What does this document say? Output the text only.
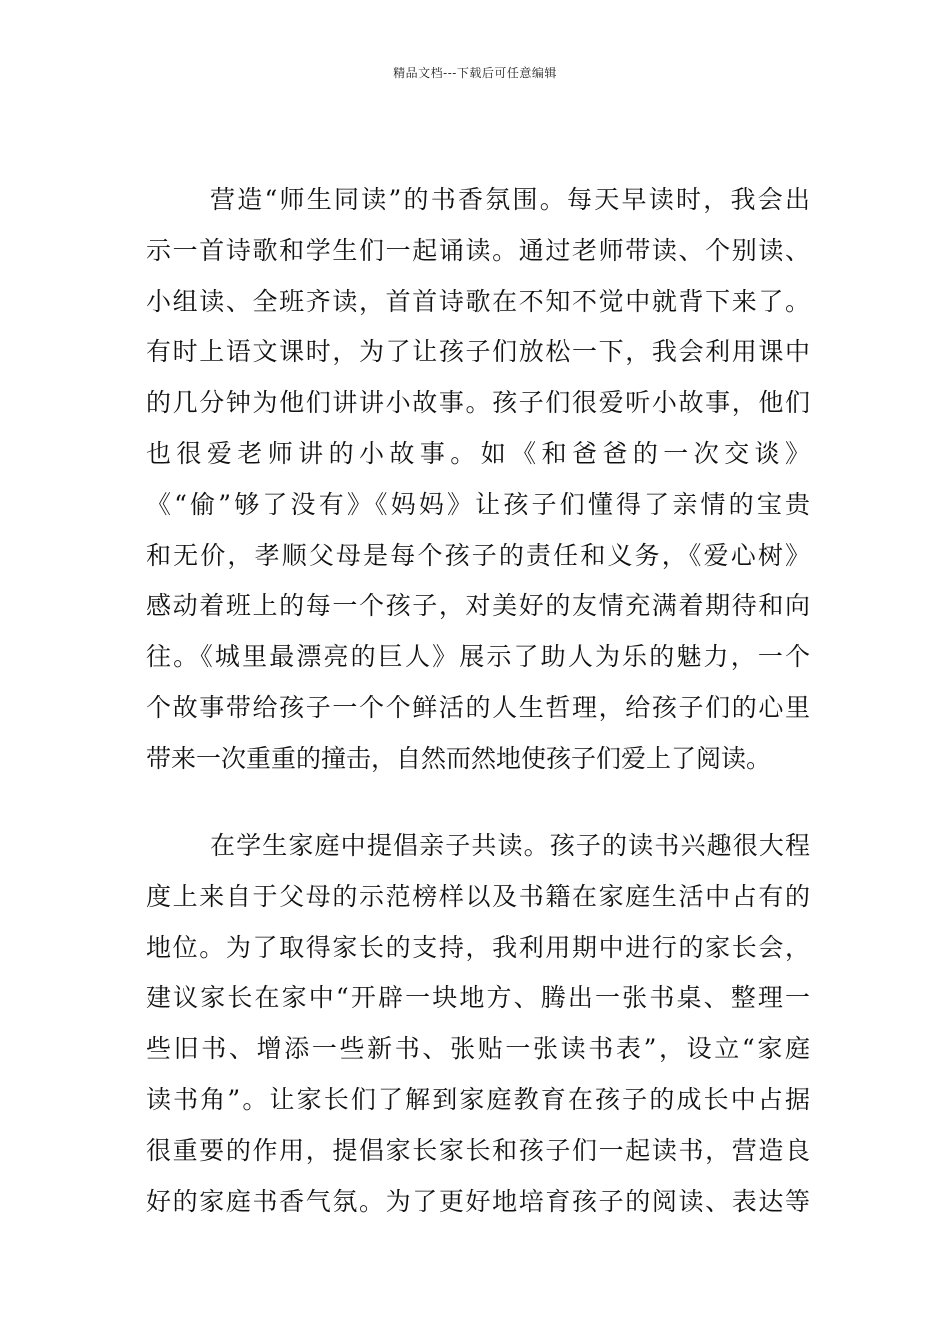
精品文档---下载后可任意编辑
营造“师生同读”的书香氛围。每天早读时，我会出
示一首诗歌和学生们一起诵读。通过老师带读、个别读、
小组读、全班齐读，首首诗歌在不知不觉中就背下来了。
有时上语文课时，为了让孩子们放松一下，我会利用课中
的几分钟为他们讲讲小故事。孩子们很爱听小故事，他们
也很爱老师讲的小故事。如《和爸爸的一次交谈》
《“偷”够了没有》《妈妈》让孩子们懂得了亲情的宝贵
和无价，孝顺父母是每个孩子的责任和义务，《爱心树》
感动着班上的每一个孩子，对美好的友情充满着期待和向
往。《城里最漂亮的巨人》展示了助人为乐的魅力，一个
个故事带给孩子一个个鲜活的人生哲理，给孩子们的心里
带来一次重重的撞击，自然而然地使孩子们爱上了阅读。
在学生家庭中提倡亲子共读。孩子的读书兴趣很大程
度上来自于父母的示范榜样以及书籍在家庭生活中占有的
地位。为了取得家长的支持，我利用期中进行的家长会，
建议家长在家中“开辟一块地方、腾出一张书桌、整理一
些旧书、增添一些新书、张贴一张读书表”，设立“家庭
读书角”。让家长们了解到家庭教育在孩子的成长中占据
很重要的作用，提倡家长家长和孩子们一起读书，营造良
好的家庭书香气氛。为了更好地培育孩子的阅读、表达等
